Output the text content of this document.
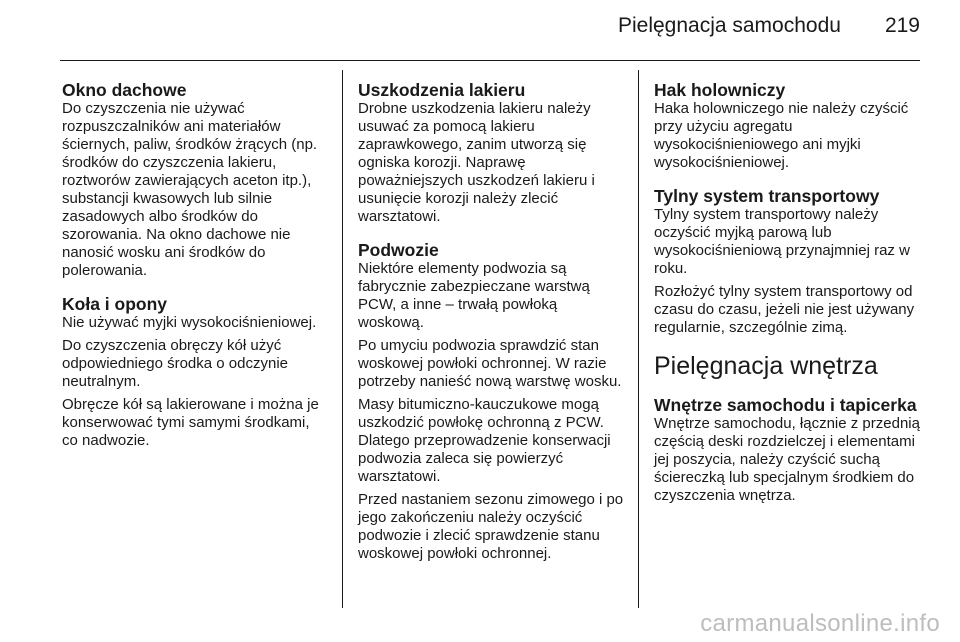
Pielęgnacja samochodu 219
Okno dachowe

Do czyszczenia nie używać rozpuszczalników ani materiałów ściernych, paliw, środków żrących (np. środków do czyszczenia lakieru, roztworów zawierających aceton itp.), substancji kwasowych lub silnie zasadowych albo środków do szorowania. Na okno dachowe nie nanosić wosku ani środków do polerowania.

Koła i opony

Nie używać myjki wysokociśnieniowej.

Do czyszczenia obręczy kół użyć odpowiedniego środka o odczynie neutralnym.

Obręcze kół są lakierowane i można je konserwować tymi samymi środkami, co nadwozie.

Uszkodzenia lakieru

Drobne uszkodzenia lakieru należy usuwać za pomocą lakieru zaprawkowego, zanim utworzą się ogniska korozji. Naprawę poważniejszych uszkodzeń lakieru i usunięcie korozji należy zlecić warsztatowi.

Podwozie

Niektóre elementy podwozia są fabrycznie zabezpieczane warstwą PCW, a inne – trwałą powłoką woskową.

Po umyciu podwozia sprawdzić stan woskowej powłoki ochronnej. W razie potrzeby nanieść nową warstwę wosku.

Masy bitumiczno-kauczukowe mogą uszkodzić powłokę ochronną z PCW. Dlatego przeprowadzenie konserwacji podwozia zaleca się powierzyć warsztatowi.

Przed nastaniem sezonu zimowego i po jego zakończeniu należy oczyścić podwozie i zlecić sprawdzenie stanu woskowej powłoki ochronnej.

Hak holowniczy

Haka holowniczego nie należy czyścić przy użyciu agregatu wysokociśnieniowego ani myjki wysokociśnieniowej.

Tylny system transportowy

Tylny system transportowy należy oczyścić myjką parową lub wysokociśnieniową przynajmniej raz w roku.

Rozłożyć tylny system transportowy od czasu do czasu, jeżeli nie jest używany regularnie, szczególnie zimą.

Pielęgnacja wnętrza
Wnętrze samochodu i tapicerka

Wnętrze samochodu, łącznie z przednią częścią deski rozdzielczej i elementami jej poszycia, należy czyścić suchą ściereczką lub specjalnym środkiem do czyszczenia wnętrza.

carmanualsonline.info
